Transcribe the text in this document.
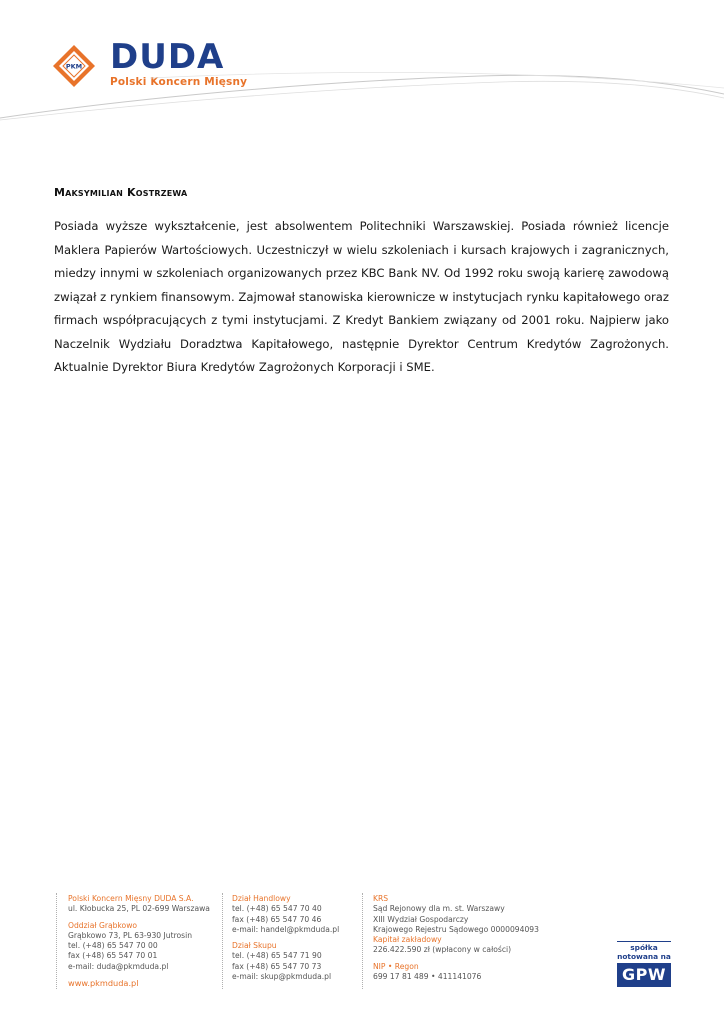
PKM DUDA
Polski Koncern Mięsny
Maksymilian Kostrzewa

Posiada wyższe wykształcenie, jest absolwentem Politechniki Warszawskiej. Posiada również licencje Maklera Papierów Wartościowych. Uczestniczył w wielu szkoleniach i kursach krajowych i zagranicznych, miedzy innymi w szkoleniach organizowanych przez KBC Bank NV. Od 1992 roku swoją karierę zawodową związał z rynkiem finansowym. Zajmował stanowiska kierownicze w instytucjach rynku kapitałowego oraz firmach współpracujących z tymi instytucjami. Z Kredyt Bankiem związany od 2001 roku. Najpierw jako Naczelnik Wydziału Doradztwa Kapitałowego, następnie Dyrektor Centrum Kredytów Zagrożonych. Aktualnie Dyrektor Biura Kredytów Zagrożonych Korporacji i SME.

Polski Koncern Mięsny DUDA S.A.
ul. Kłobucka 25, PL 02-699 Warszawa
Oddział Grąbkowo
Grąbkowo 73, PL 63-930 Jutrosin
tel. (+48) 65 547 70 00
fax (+48) 65 547 70 01
e-mail: duda@pkmduda.pl
www.pkmduda.pl
Dział Handlowy
tel. (+48) 65 547 70 40
fax (+48) 65 547 70 46
e-mail: handel@pkmduda.pl
Dział Skupu
tel. (+48) 65 547 71 90
fax (+48) 65 547 70 73
e-mail: skup@pkmduda.pl
KRS
Sąd Rejonowy dla m. st. Warszawy
XIII Wydział Gospodarczy
Krajowego Rejestru Sądowego 0000094093
Kapitał zakładowy
226.422.590 zł (wpłacony w całości)
NIP • Regon
699 17 81 489 • 411141076
spółka
notowana na
GPW
